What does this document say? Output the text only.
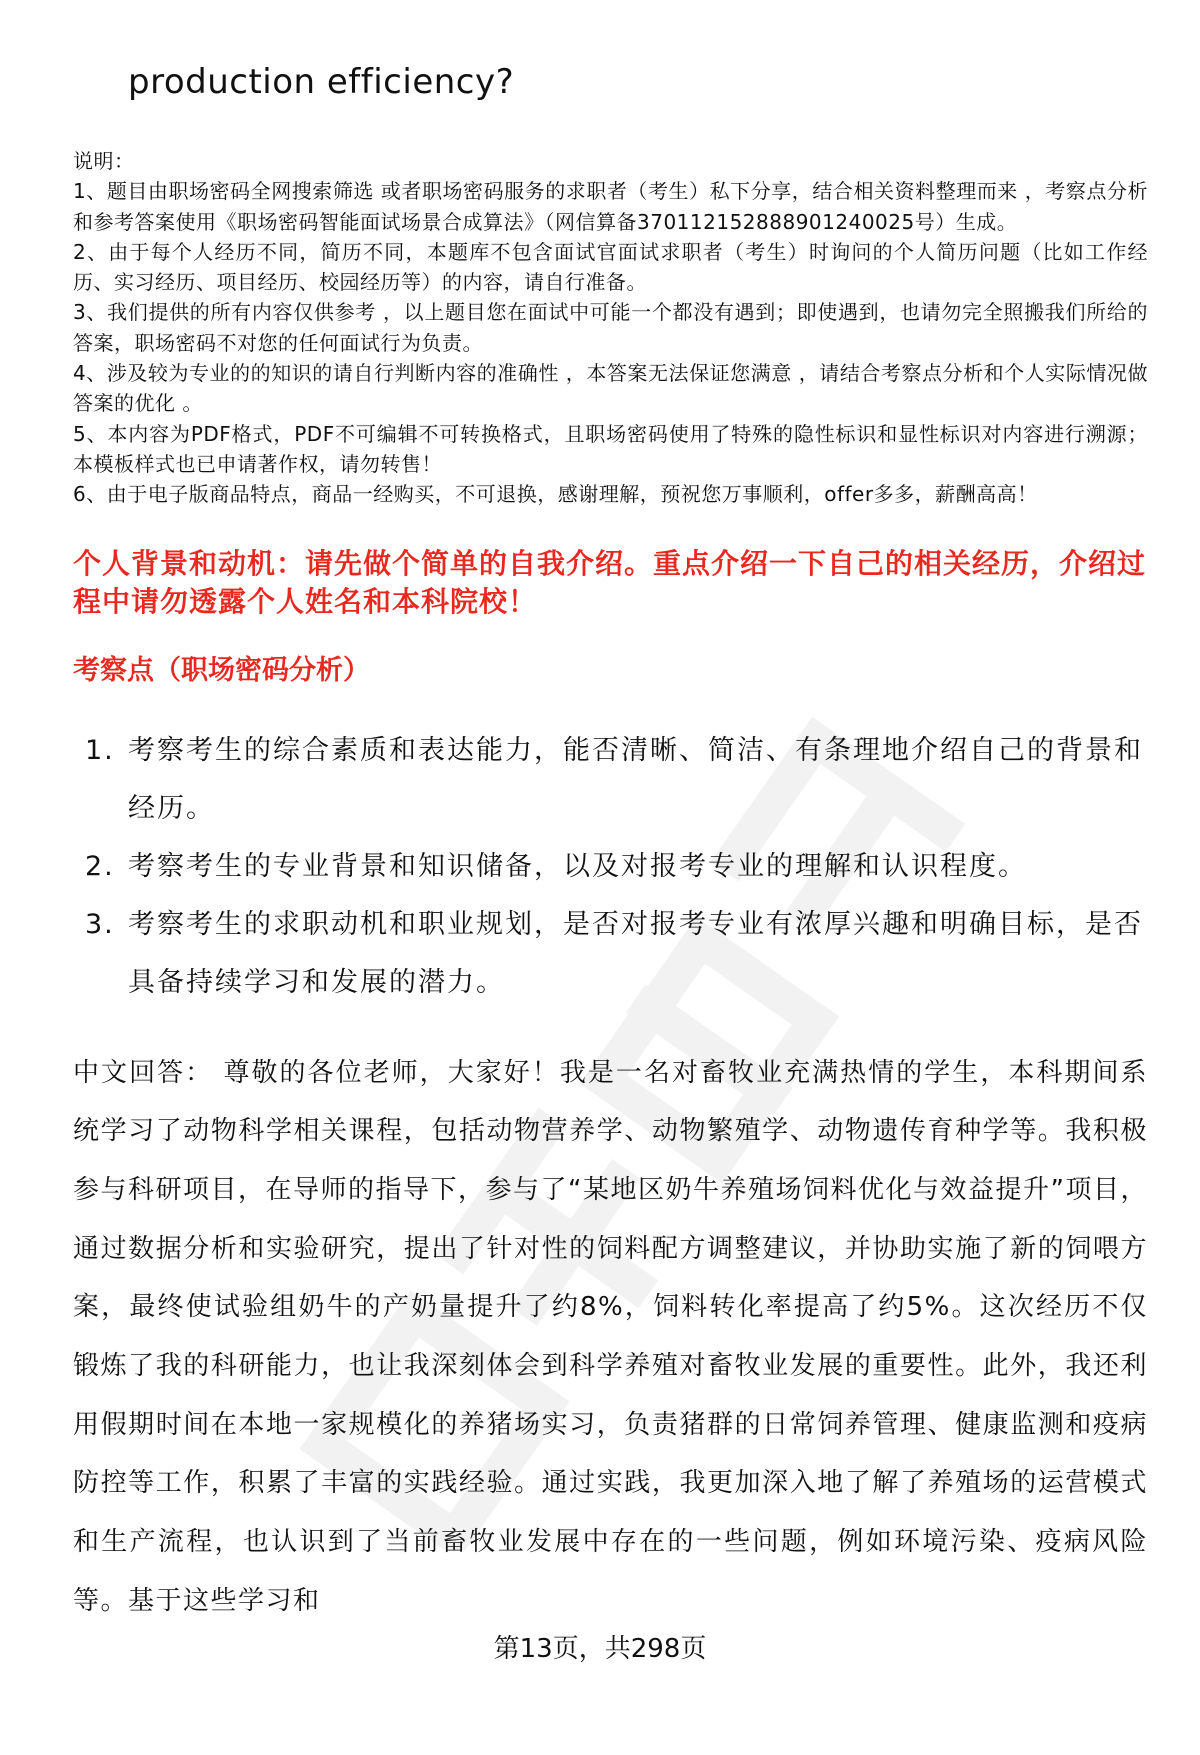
production efficiency?

说明：

1、题目由职场密码全网搜索筛选 或者职场密码服务的求职者（考生）私下分享，结合相关资料整理而来 ，考察点分析和参考答案使用《职场密码智能面试场景合成算法》（网信算备370112152888901240025号）生成。

2、由于每个人经历不同，简历不同，本题库不包含面试官面试求职者（考生）时询问的个人简历问题（比如工作经历、实习经历、项目经历、校园经历等）的内容，请自行准备。

3、我们提供的所有内容仅供参考 ，以上题目您在面试中可能一个都没有遇到；即使遇到，也请勿完全照搬我们所给的答案，职场密码不对您的任何面试行为负责。

4、涉及较为专业的的知识的请自行判断内容的准确性 ，本答案无法保证您满意 ，请结合考察点分析和个人实际情况做答案的优化 。

5、本内容为PDF格式，PDF不可编辑不可转换格式，且职场密码使用了特殊的隐性标识和显性标识对内容进行溯源；本模板样式也已申请著作权，请勿转售！

6、由于电子版商品特点，商品一经购买，不可退换，感谢理解，预祝您万事顺利，offer多多，薪酬高高！

个人背景和动机：请先做个简单的自我介绍。重点介绍一下自己的相关经历，介绍过程中请勿透露个人姓名和本科院校！
考察点（职场密码分析）
1. 考察考生的综合素质和表达能力，能否清晰、简洁、有条理地介绍自己的背景和经历。
2. 考察考生的专业背景和知识储备，以及对报考专业的理解和认识程度。
3. 考察考生的求职动机和职业规划，是否对报考专业有浓厚兴趣和明确目标，是否具备持续学习和发展的潜力。

中文回答： 尊敬的各位老师，大家好！我是一名对畜牧业充满热情的学生，本科期间系统学习了动物科学相关课程，包括动物营养学、动物繁殖学、动物遗传育种学等。我积极参与科研项目，在导师的指导下，参与了“某地区奶牛养殖场饲料优化与效益提升”项目，通过数据分析和实验研究，提出了针对性的饲料配方调整建议，并协助实施了新的饲喂方案，最终使试验组奶牛的产奶量提升了约8%，饲料转化率提高了约5%。这次经历不仅锻炼了我的科研能力，也让我深刻体会到科学养殖对畜牧业发展的重要性。此外，我还利用假期时间在本地一家规模化的养猪场实习，负责猪群的日常饲养管理、健康监测和疫病防控等工作，积累了丰富的实践经验。通过实践，我更加深入地了解了养殖场的运营模式和生产流程，也认识到了当前畜牧业发展中存在的一些问题，例如环境污染、疫病风险等。基于这些学习和

第13页，共298页
